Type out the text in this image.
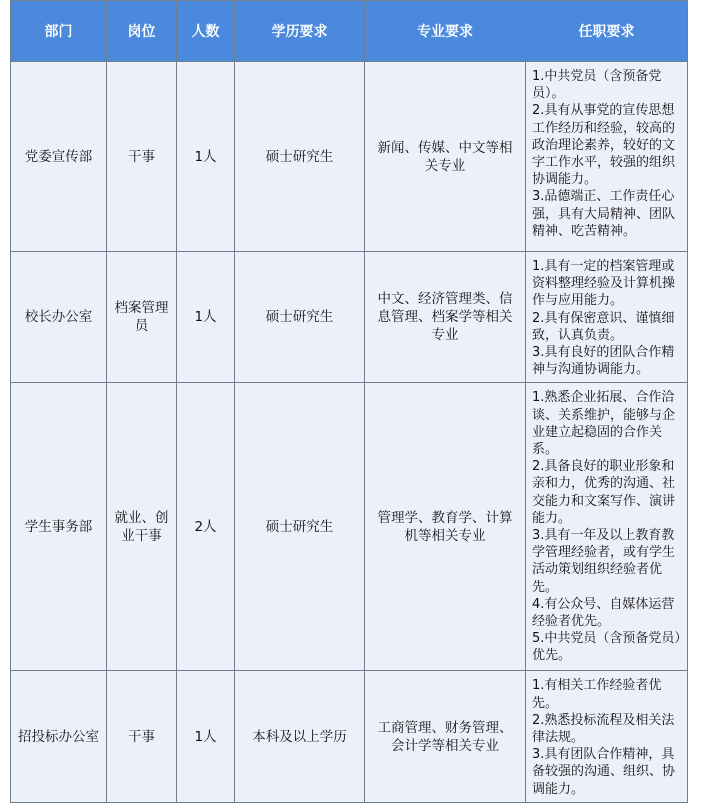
部门	岗位	人数	学历要求	专业要求	任职要求
党委宣传部	干事	1人	硕士研究生	新闻、传媒、中文等相关专业	1.中共党员（含预备党员）。
2.具有从事党的宣传思想工作经历和经验，较高的政治理论素养，较好的文字工作水平，较强的组织协调能力。
3.品德端正、工作责任心强，具有大局精神、团队精神、吃苦精神。

校长办公室	档案管理员	1人	硕士研究生	中文、经济管理类、信息管理、档案学等相关专业	1.具有一定的档案管理或资料整理经验及计算机操作与应用能力。
2.具有保密意识、谨慎细致，认真负责。
3.具有良好的团队合作精神与沟通协调能力。

学生事务部	就业、创业干事	2人	硕士研究生	管理学、教育学、计算机等相关专业	1.熟悉企业拓展、合作洽谈、关系维护，能够与企业建立起稳固的合作关系。
2.具备良好的职业形象和亲和力，优秀的沟通、社交能力和文案写作、演讲能力。
3.具有一年及以上教育教学管理经验者，或有学生活动策划组织经验者优先。
4.有公众号、自媒体运营经验者优先。
5.中共党员（含预备党员）优先。

招投标办公室	干事	1人	本科及以上学历	工商管理、财务管理、会计学等相关专业	1.有相关工作经验者优先。
2.熟悉投标流程及相关法律法规。
3.具有团队合作精神，具备较强的沟通、组织、协调能力。
